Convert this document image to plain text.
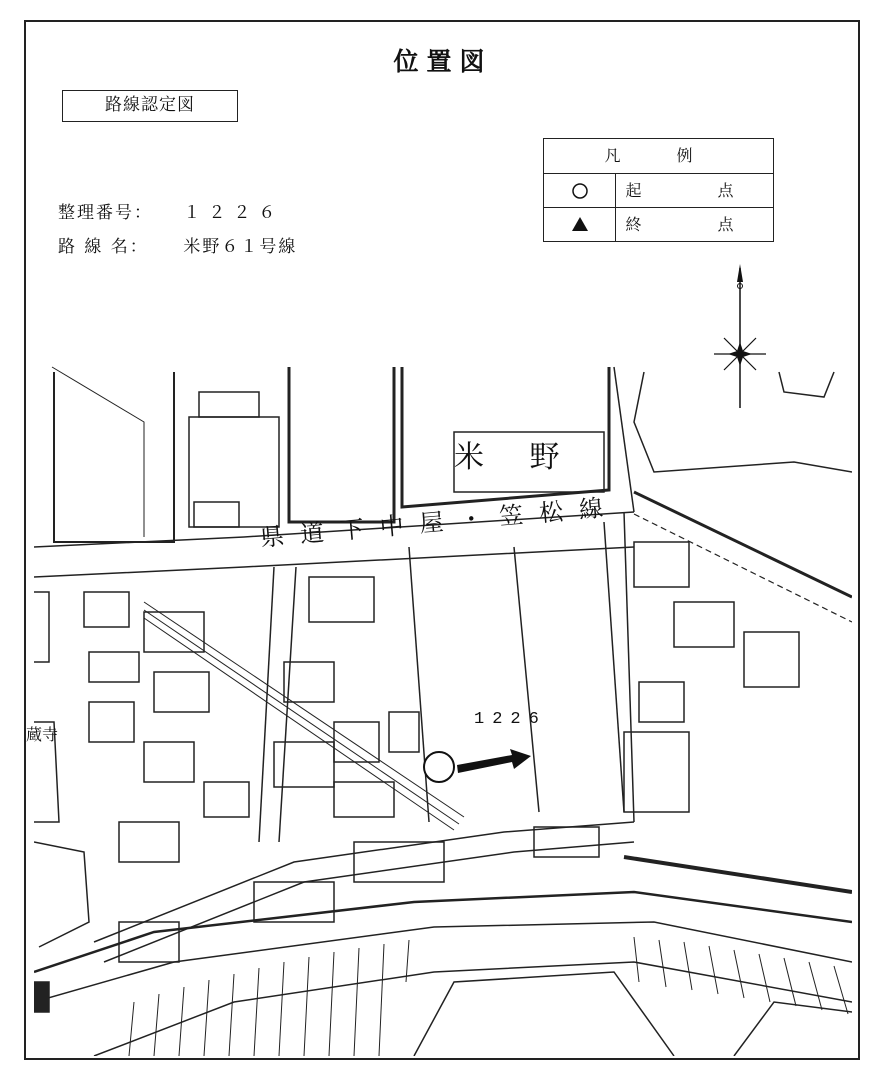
位置図
路線認定図
整理番号： １２２６
路 線 名： 米野６１号線
凡　例
起　点
終　点
米 野
県道下中屋・笠松線
1226
蔵寺
